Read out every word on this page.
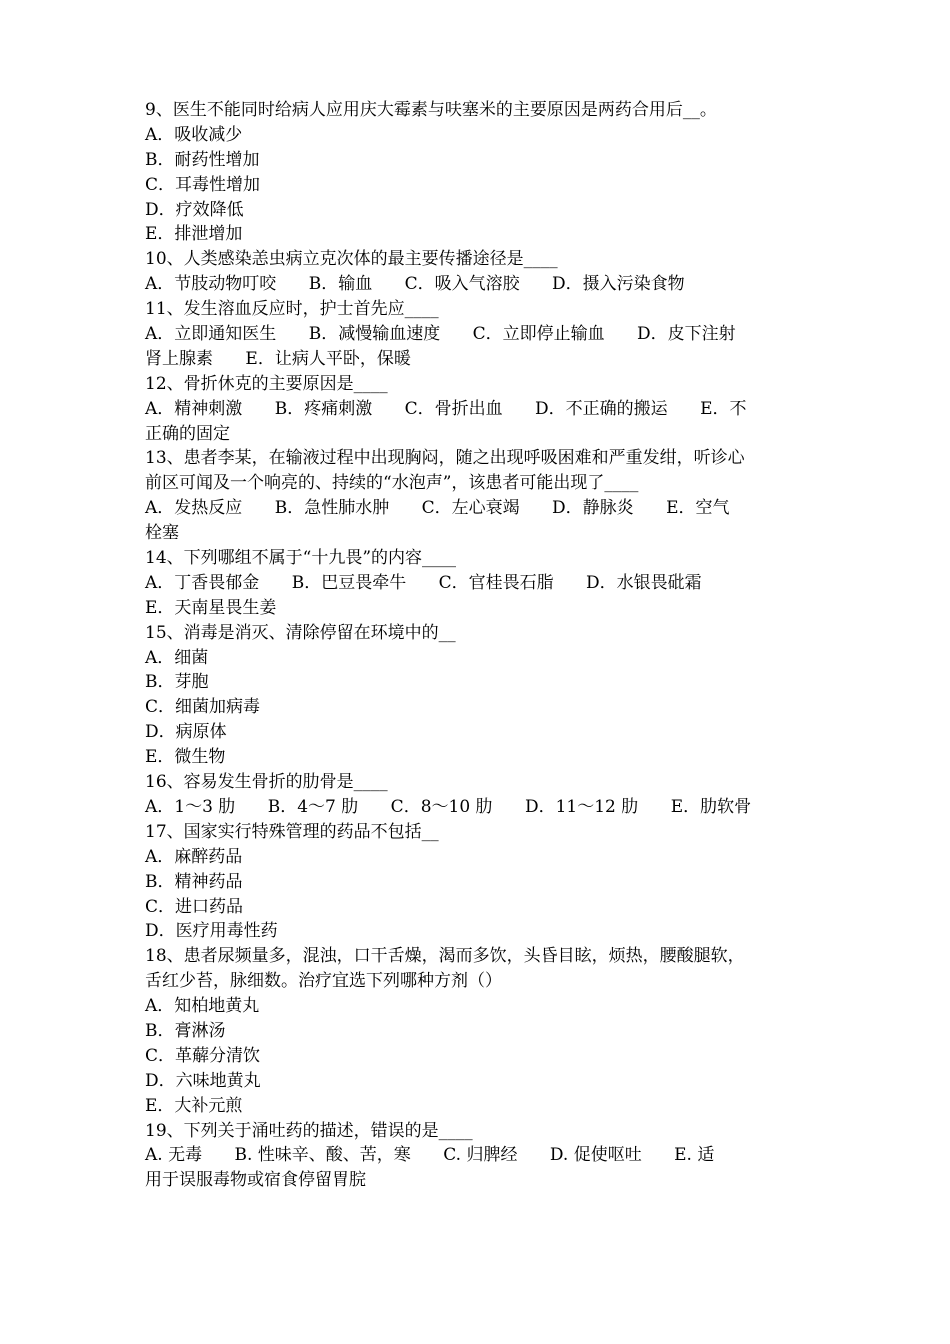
9、医生不能同时给病人应用庆大霉素与呋塞米的主要原因是两药合用后__。
A．吸收减少
B．耐药性增加
C．耳毒性增加
D．疗效降低
E．排泄增加
10、人类感染恙虫病立克次体的最主要传播途径是____
A．节肢动物叮咬      B．输血      C．吸入气溶胶      D．摄入污染食物
11、发生溶血反应时，护士首先应____
A．立即通知医生      B．减慢输血速度      C．立即停止输血      D．皮下注射
肾上腺素      E．让病人平卧，保暖
12、骨折休克的主要原因是____
A．精神刺激      B．疼痛刺激      C．骨折出血      D．不正确的搬运      E．不
正确的固定
13、患者李某，在输液过程中出现胸闷，随之出现呼吸困难和严重发绀，听诊心
前区可闻及一个响亮的、持续的“水泡声”，该患者可能出现了____
A．发热反应      B．急性肺水肿      C．左心衰竭      D．静脉炎      E．空气
栓塞
14、下列哪组不属于“十九畏”的内容____
A．丁香畏郁金      B．巴豆畏牵牛      C．官桂畏石脂      D．水银畏砒霜
E．天南星畏生姜
15、消毒是消灭、清除停留在环境中的__
A．细菌
B．芽胞
C．细菌加病毒
D．病原体
E．微生物
16、容易发生骨折的肋骨是____
A．1～3 肋      B．4～7 肋      C．8～10 肋      D．11～12 肋      E．肋软骨
17、国家实行特殊管理的药品不包括__
A．麻醉药品
B．精神药品
C．进口药品
D．医疗用毒性药
18、患者尿频量多，混浊，口干舌燥，渴而多饮，头昏目眩，烦热，腰酸腿软，
舌红少苔，脉细数。治疗宜选下列哪种方剂（）
A．知柏地黄丸
B．膏淋汤
C．革薢分清饮
D．六味地黄丸
E．大补元煎
19、下列关于涌吐药的描述，错误的是____
A. 无毒      B. 性味辛、酸、苦，寒      C. 归脾经      D. 促使呕吐      E. 适
用于误服毒物或宿食停留胃脘
